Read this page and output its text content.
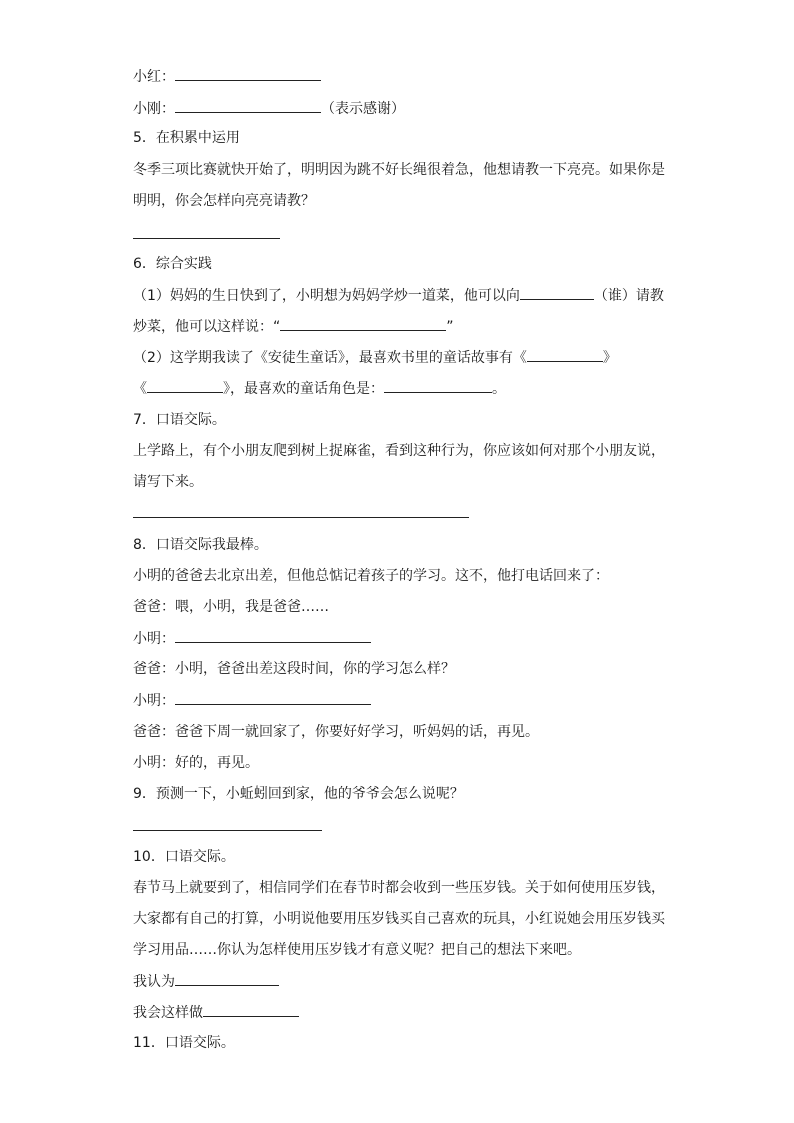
小红：
小刚：	（表示感谢）
5．在积累中运用
冬季三项比赛就快开始了，明明因为跳不好长绳很着急，他想请教一下亮亮。如果你是
明明，你会怎样向亮亮请教？
6．综合实践
（1）妈妈的生日快到了，小明想为妈妈学炒一道菜，他可以向	（谁）请教
炒菜，他可以这样说：“	”
（2）这学期我读了《安徒生童话》，最喜欢书里的童话故事有《	》
《	》，最喜欢的童话角色是：	。
7．口语交际。
上学路上，有个小朋友爬到树上捉麻雀，看到这种行为，你应该如何对那个小朋友说，
请写下来。
8．口语交际我最棒。
小明的爸爸去北京出差，但他总惦记着孩子的学习。这不，他打电话回来了：
爸爸：喂，小明，我是爸爸……
小明：
爸爸：小明，爸爸出差这段时间，你的学习怎么样？
小明：
爸爸：爸爸下周一就回家了，你要好好学习，听妈妈的话，再见。
小明：好的，再见。
9．预测一下，小蚯蚓回到家，他的爷爷会怎么说呢？
10．口语交际。
春节马上就要到了，相信同学们在春节时都会收到一些压岁钱。关于如何使用压岁钱，
大家都有自己的打算，小明说他要用压岁钱买自己喜欢的玩具，小红说她会用压岁钱买
学习用品……你认为怎样使用压岁钱才有意义呢？把自己的想法下来吧。
我认为
我会这样做
11．口语交际。
